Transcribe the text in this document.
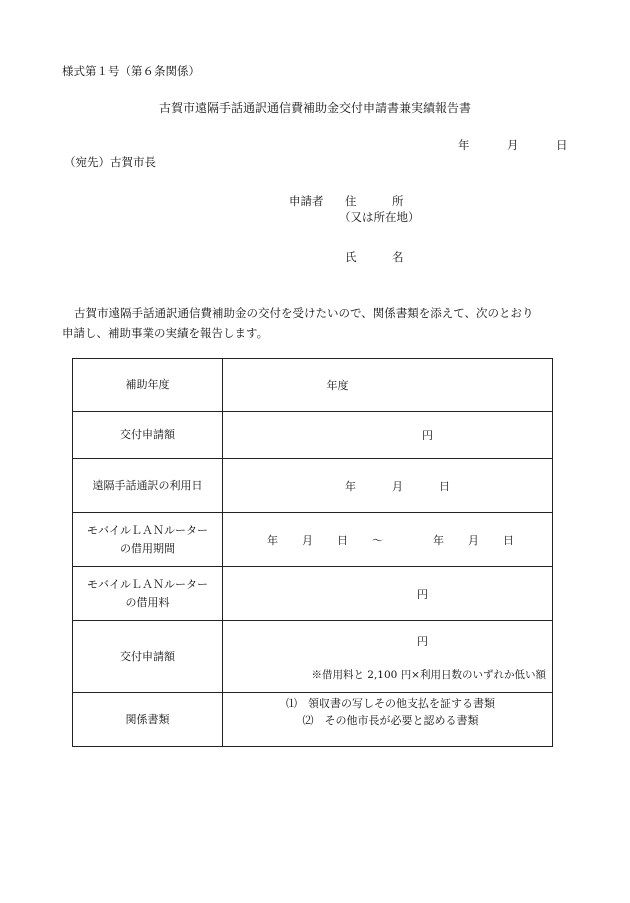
様式第１号（第６条関係）
古賀市遠隔手話通訳通信費補助金交付申請書兼実績報告書
年	月	日
（宛先）古賀市長
申請者 住	所
（又は所在地）
氏	名
古賀市遠隔手話通訳通信費補助金の交付を受けたいので、関係書類を添えて、次のとおり
申請し、補助事業の実績を報告します。
補助年度	年度
交付申請額	円
遠隔手話通訳の利用日	年 月 日

モバイルＬＡＮルーター
の借用期間	年 月 日 ～ 年 月 日

モバイルＬＡＮルーター
の借用料	円
交付申請額	円
※借用料と 2,100 円×利用日数のいずれか低い額

関係書類	⑴　領収書の写しその他支払を証する書類
⑵　その他市長が必要と認める書類
